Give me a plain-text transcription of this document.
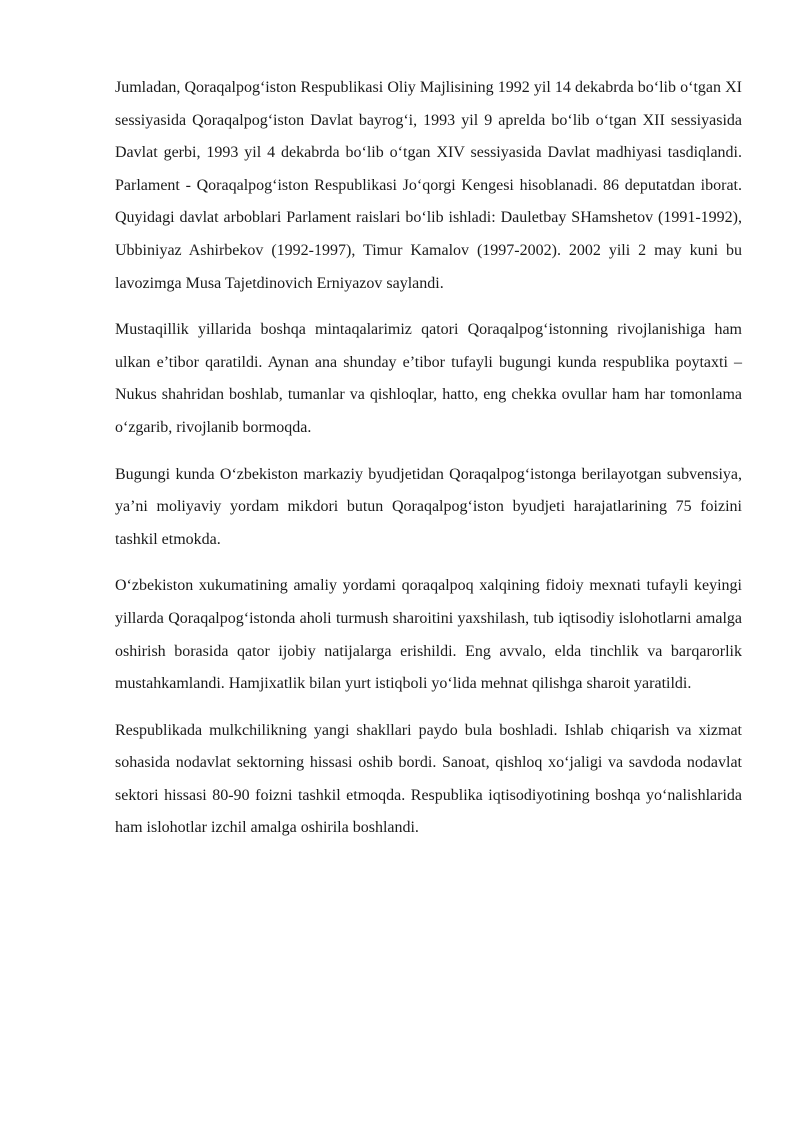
Jumladan, Qoraqalpog‘iston Respublikasi Oliy Majlisining 1992 yil 14 dekabrda bo‘lib o‘tgan XI sessiyasida Qoraqalpog‘iston Davlat bayrog‘i, 1993 yil 9 aprelda bo‘lib o‘tgan XII sessiyasida Davlat gerbi, 1993 yil 4 dekabrda bo‘lib o‘tgan XIV sessiyasida Davlat madhiyasi tasdiqlandi. Parlament - Qoraqalpog‘iston Respublikasi Jo‘qorgi Kengesi hisoblanadi. 86 deputatdan iborat. Quyidagi davlat arboblari Parlament raislari bo‘lib ishladi: Dauletbay SHamshetov (1991-1992), Ubbiniyaz Ashirbekov (1992-1997), Timur Kamalov (1997-2002). 2002 yili 2 may kuni bu lavozimga Musa Tajetdinovich Erniyazov saylandi.

Mustaqillik yillarida boshqa mintaqalarimiz qatori Qoraqalpog‘istonning rivojlanishiga ham ulkan e’tibor qaratildi. Aynan ana shunday e’tibor tufayli bugungi kunda respublika poytaxti – Nukus shahridan boshlab, tumanlar va qishloqlar, hatto, eng chekka ovullar ham har tomonlama o‘zgarib, rivojlanib bormoqda.

Bugungi kunda O‘zbekiston markaziy byudjetidan Qoraqalpog‘istonga berilayotgan subvensiya, ya’ni moliyaviy yordam mikdori butun Qoraqalpog‘iston byudjeti harajatlarining 75 foizini tashkil etmokda.

O‘zbekiston xukumatining amaliy yordami qoraqalpoq xalqining fidoiy mexnati tufayli keyingi yillarda Qoraqalpog‘istonda aholi turmush sharoitini yaxshilash, tub iqtisodiy islohotlarni amalga oshirish borasida qator ijobiy natijalarga erishildi. Eng avvalo, elda tinchlik va barqarorlik mustahkamlandi. Hamjixatlik bilan yurt istiqboli yo‘lida mehnat qilishga sharoit yaratildi.

Respublikada mulkchilikning yangi shakllari paydo bula boshladi. Ishlab chiqarish va xizmat sohasida nodavlat sektorning hissasi oshib bordi. Sanoat, qishloq xo‘jaligi va savdoda nodavlat sektori hissasi 80-90 foizni tashkil etmoqda. Respublika iqtisodiyotining boshqa yo‘nalishlarida ham islohotlar izchil amalga oshirila boshlandi.
